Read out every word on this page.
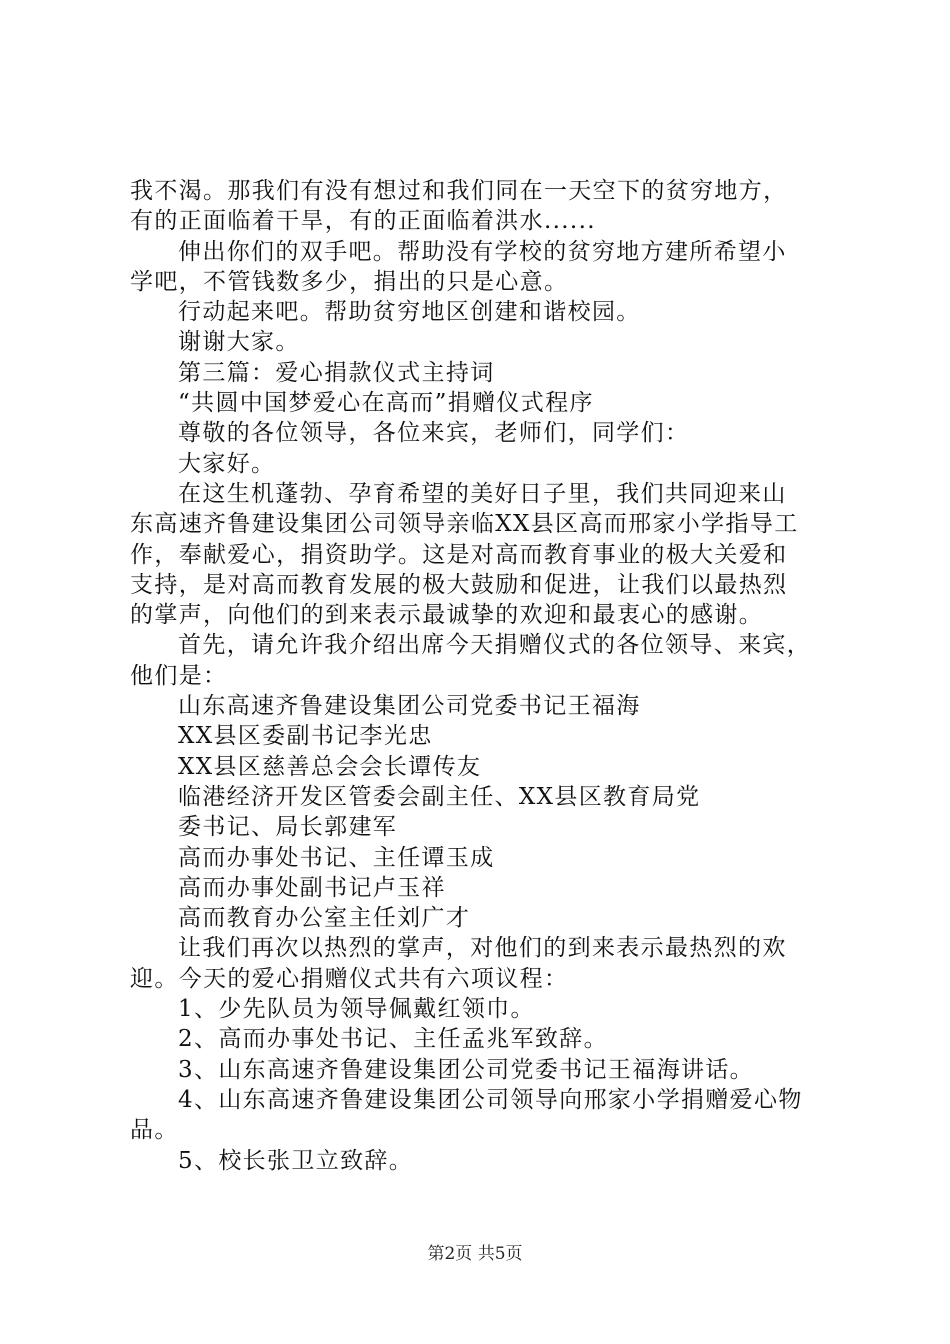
我不渴。那我们有没有想过和我们同在一天空下的贫穷地方，
有的正面临着干旱，有的正面临着洪水......
伸出你们的双手吧。帮助没有学校的贫穷地方建所希望小
学吧，不管钱数多少，捐出的只是心意。
行动起来吧。帮助贫穷地区创建和谐校园。
谢谢大家。
第三篇：爱心捐款仪式主持词
“共圆中国梦爱心在高而”捐赠仪式程序
尊敬的各位领导，各位来宾，老师们，同学们：
大家好。
在这生机蓬勃、孕育希望的美好日子里，我们共同迎来山
东高速齐鲁建设集团公司领导亲临XX县区高而邢家小学指导工
作，奉献爱心，捐资助学。这是对高而教育事业的极大关爱和
支持，是对高而教育发展的极大鼓励和促进，让我们以最热烈
的掌声，向他们的到来表示最诚挚的欢迎和最衷心的感谢。
首先，请允许我介绍出席今天捐赠仪式的各位领导、来宾，
他们是：
山东高速齐鲁建设集团公司党委书记王福海
XX县区委副书记李光忠
XX县区慈善总会会长谭传友
临港经济开发区管委会副主任、XX县区教育局党
委书记、局长郭建军
高而办事处书记、主任谭玉成
高而办事处副书记卢玉祥
高而教育办公室主任刘广才
让我们再次以热烈的掌声，对他们的到来表示最热烈的欢
迎。今天的爱心捐赠仪式共有六项议程：
1、少先队员为领导佩戴红领巾。
2、高而办事处书记、主任孟兆军致辞。
3、山东高速齐鲁建设集团公司党委书记王福海讲话。
4、山东高速齐鲁建设集团公司领导向邢家小学捐赠爱心物
品。
5、校长张卫立致辞。
第2页 共5页
